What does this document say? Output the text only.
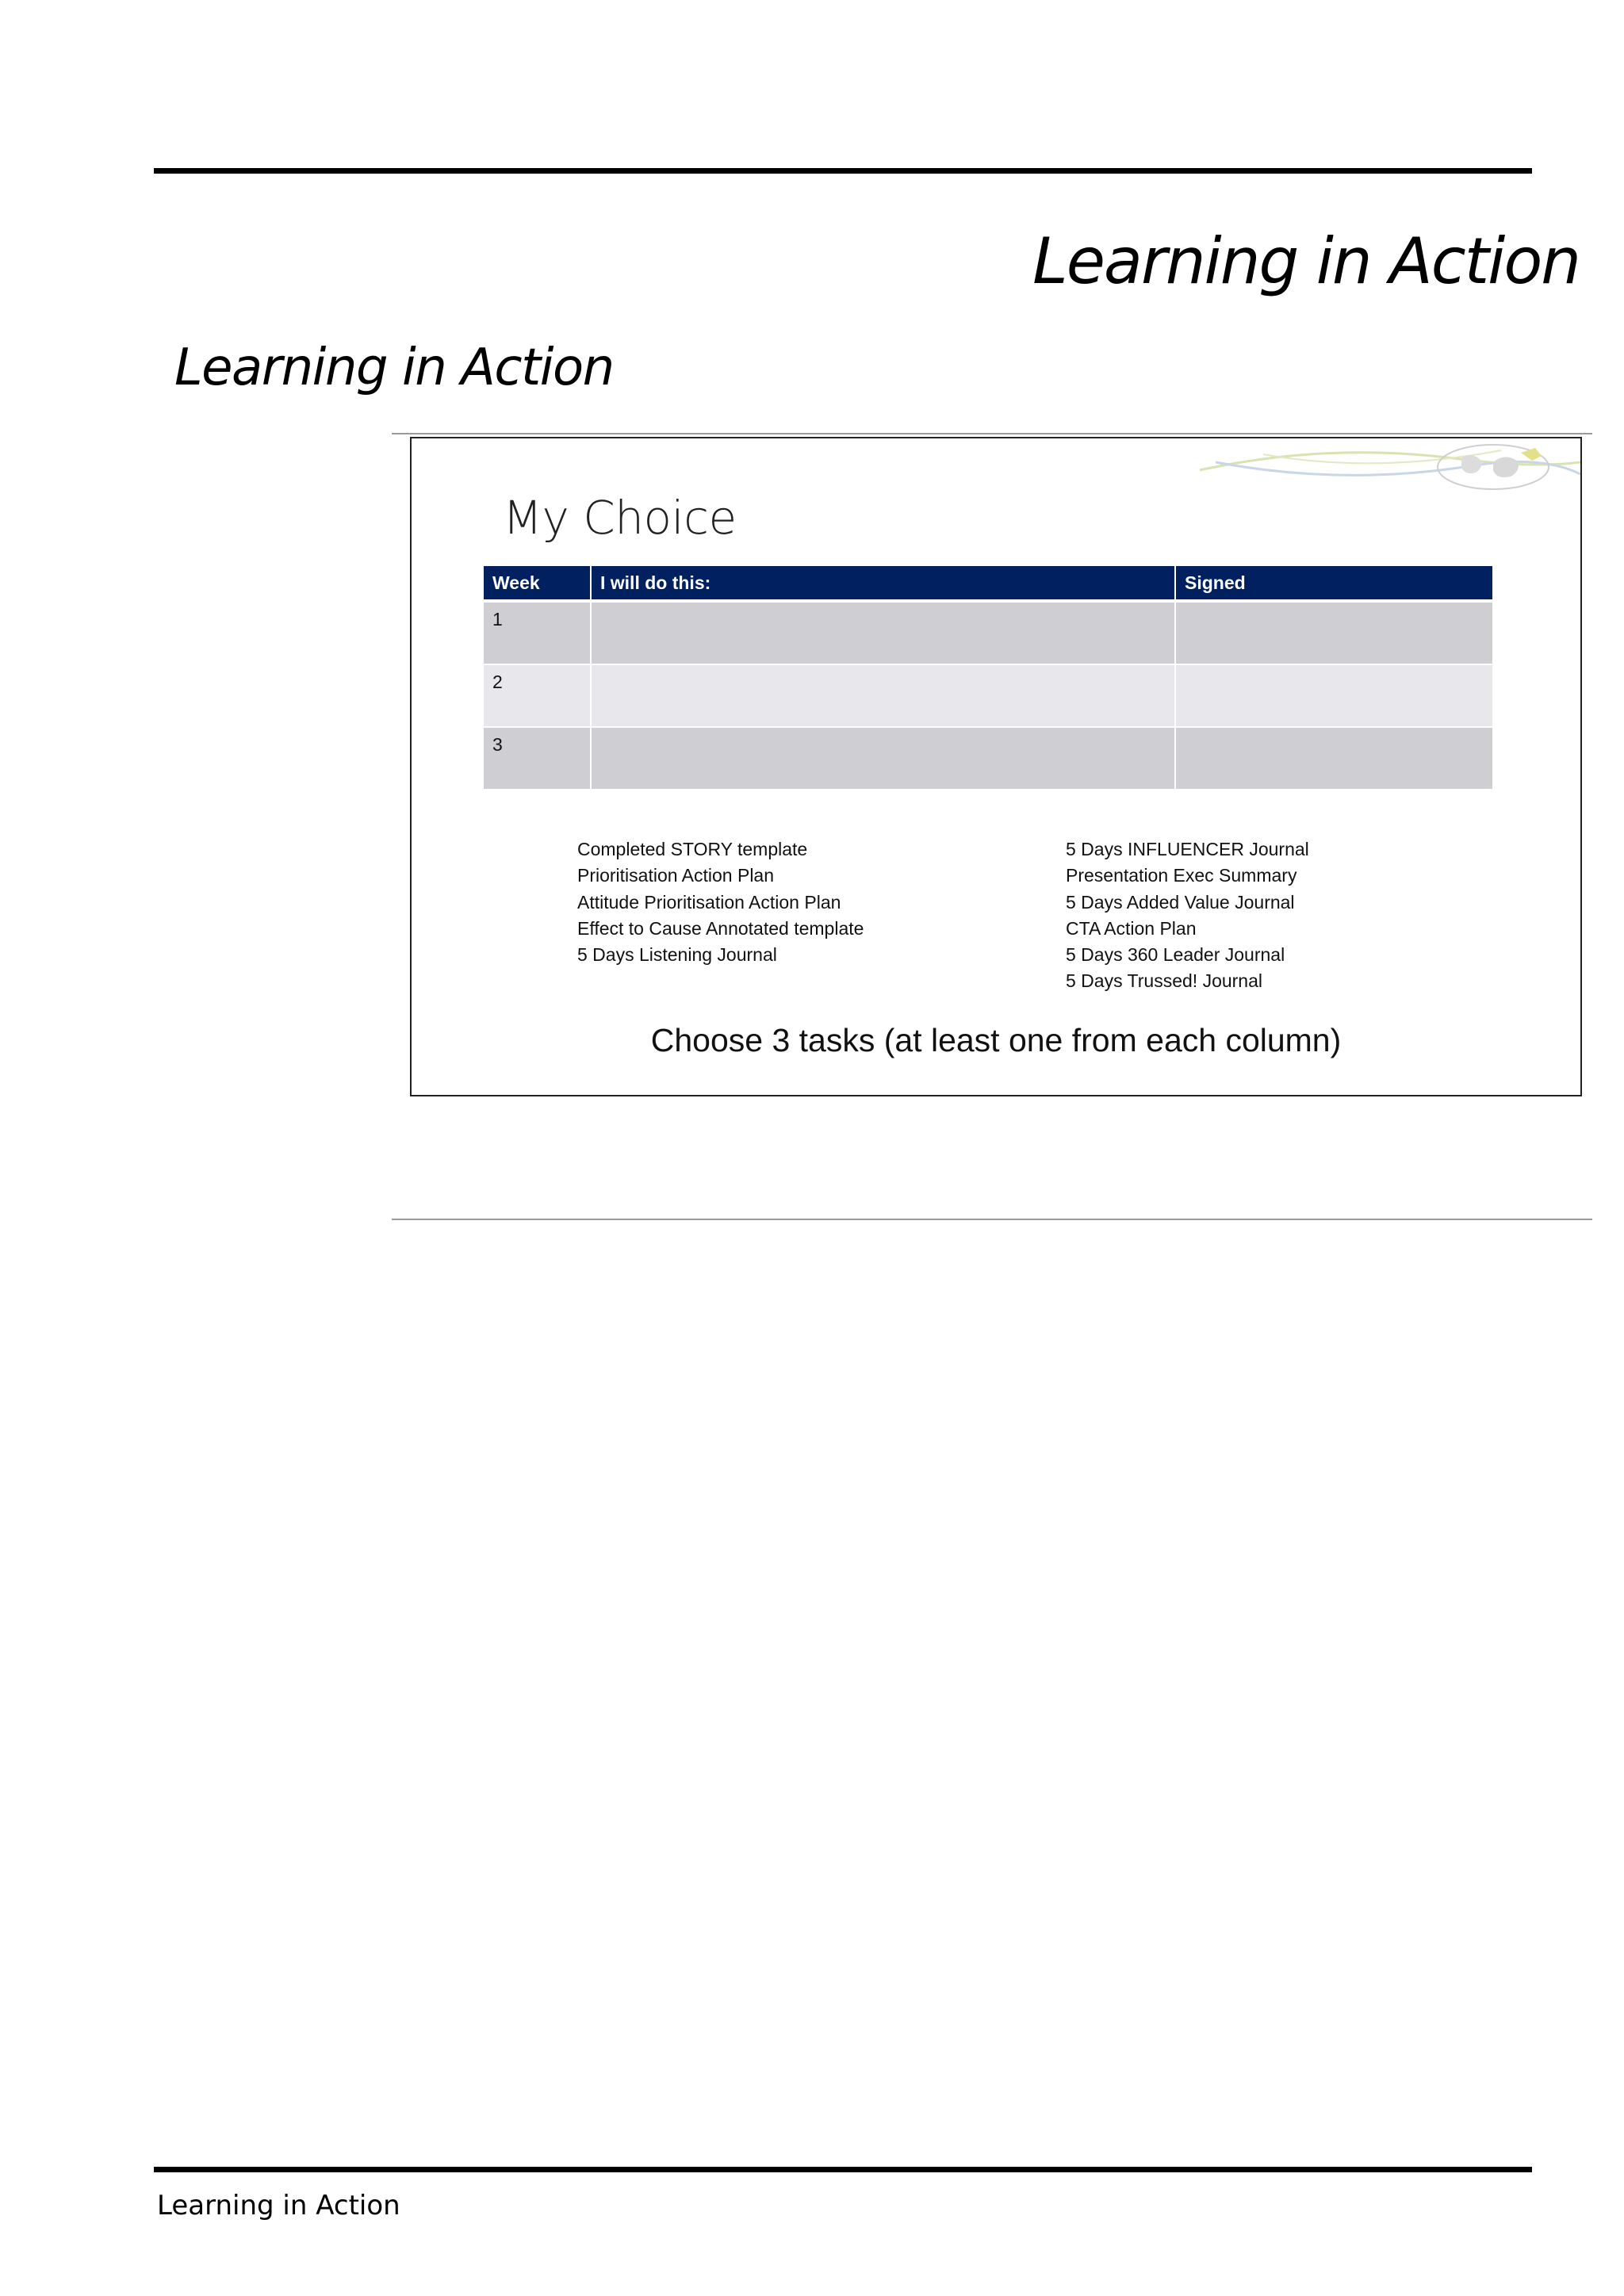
Learning in Action
Learning in Action
My Choice
Week	I will do this:	Signed
1		
2		
3		
Completed STORY template
Prioritisation Action Plan
Attitude Prioritisation Action Plan
Effect to Cause Annotated template
5 Days Listening Journal
5 Days INFLUENCER Journal
Presentation Exec Summary
5 Days Added Value Journal
CTA Action Plan
5 Days 360 Leader Journal
5 Days Trussed! Journal
Choose 3 tasks (at least one from each column)
Learning in Action
